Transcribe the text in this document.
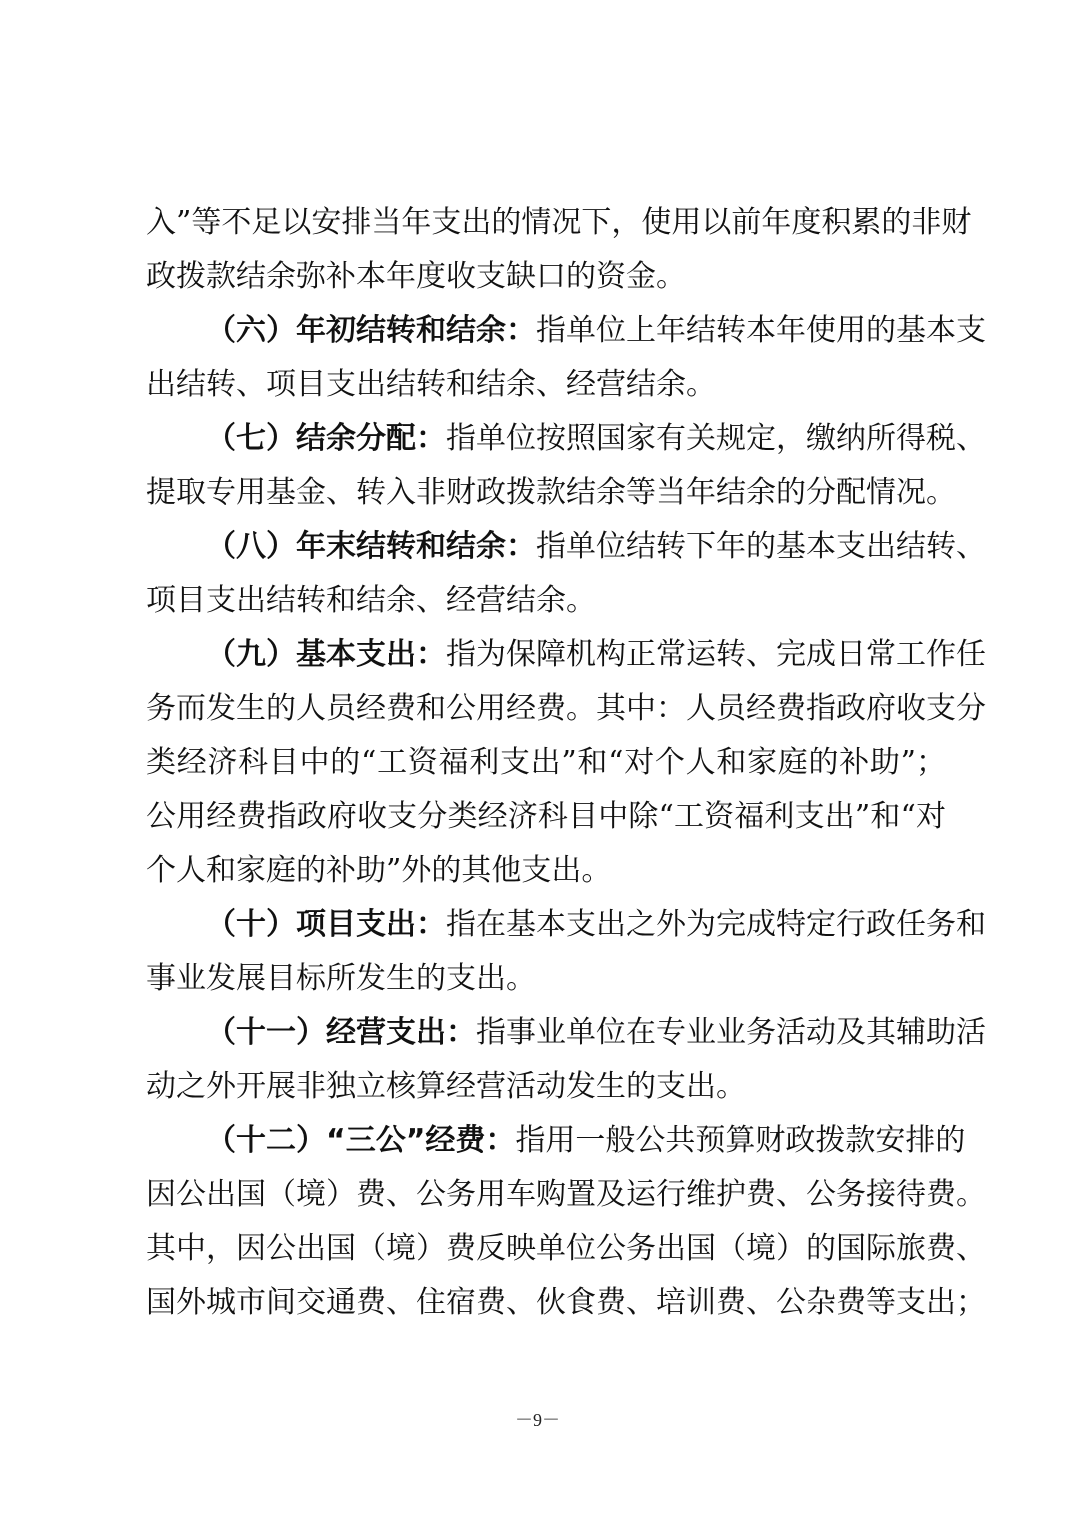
入”等不足以安排当年支出的情况下，使用以前年度积累的非财
政拨款结余弥补本年度收支缺口的资金。
（六）年初结转和结余：指单位上年结转本年使用的基本支
出结转、项目支出结转和结余、经营结余。
（七）结余分配：指单位按照国家有关规定，缴纳所得税、
提取专用基金、转入非财政拨款结余等当年结余的分配情况。
（八）年末结转和结余：指单位结转下年的基本支出结转、
项目支出结转和结余、经营结余。
（九）基本支出：指为保障机构正常运转、完成日常工作任
务而发生的人员经费和公用经费。其中：人员经费指政府收支分
类经济科目中的“工资福利支出”和“对个人和家庭的补助”；
公用经费指政府收支分类经济科目中除“工资福利支出”和“对
个人和家庭的补助”外的其他支出。
（十）项目支出：指在基本支出之外为完成特定行政任务和
事业发展目标所发生的支出。
（十一）经营支出：指事业单位在专业业务活动及其辅助活
动之外开展非独立核算经营活动发生的支出。
（十二）“三公”经费：指用一般公共预算财政拨款安排的
因公出国（境）费、公务用车购置及运行维护费、公务接待费。
其中，因公出国（境）费反映单位公务出国（境）的国际旅费、
国外城市间交通费、住宿费、伙食费、培训费、公杂费等支出；
－9－
